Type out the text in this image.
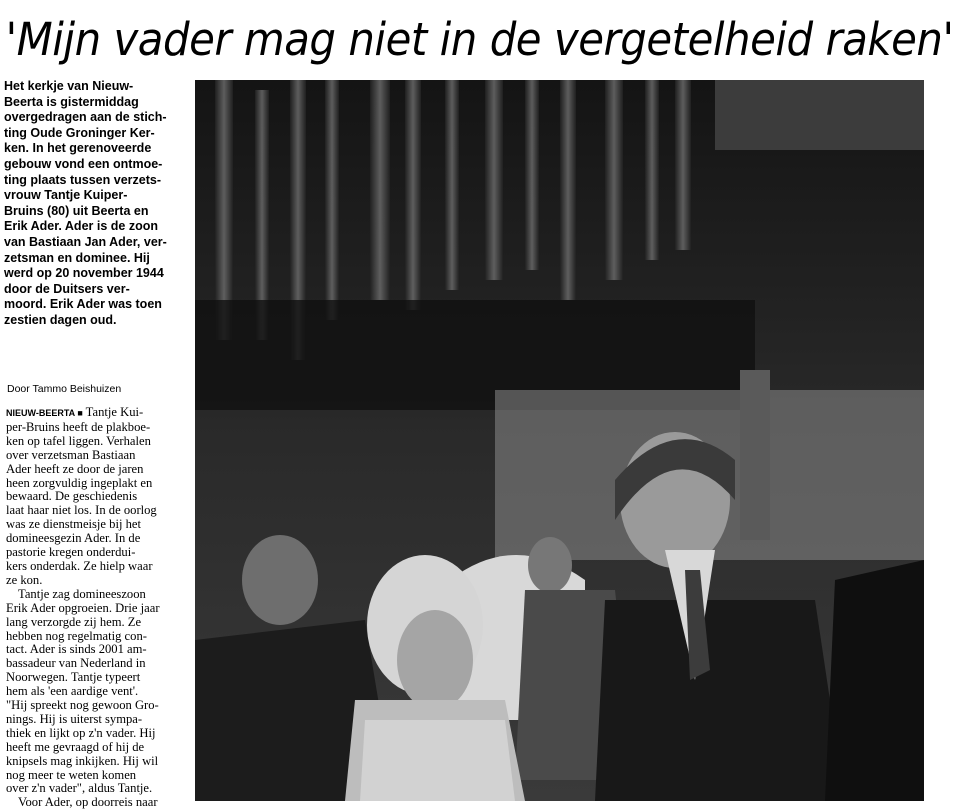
'Mijn vader mag niet in de vergetelheid raken'
Het kerkje van Nieuw-
Beerta is gistermiddag
overgedragen aan de stich-
ting Oude Groninger Ker-
ken. In het gerenoveerde
gebouw vond een ontmoe-
ting plaats tussen verzets-
vrouw Tantje Kuiper-
Bruins (80) uit Beerta en
Erik Ader. Ader is de zoon
van Bastiaan Jan Ader, ver-
zetsman en dominee. Hij
werd op 20 november 1944
door de Duitsers ver-
moord. Erik Ader was toen
zestien dagen oud.
Door Tammo Beishuizen

NIEUW-BEERTA ■ Tantje Kui-
per-Bruins heeft de plakboe-
ken op tafel liggen. Verhalen
over verzetsman Bastiaan
Ader heeft ze door de jaren
heen zorgvuldig ingeplakt en
bewaard. De geschiedenis
laat haar niet los. In de oorlog
was ze dienstmeisje bij het
domineesgezin Ader. In de
pastorie kregen onderdui-
kers onderdak. Ze hielp waar
ze kon.

Tantje zag domineeszoon
Erik Ader opgroeien. Drie jaar
lang verzorgde zij hem. Ze
hebben nog regelmatig con-
tact. Ader is sinds 2001 am-
bassadeur van Nederland in
Noorwegen. Tantje typeert
hem als 'een aardige vent'.
"Hij spreekt nog gewoon Gro-
nings. Hij is uiterst sympa-
thiek en lijkt op z'n vader. Hij
heeft me gevraagd of hij de
knipsels mag inkijken. Hij wil
nog meer te weten komen
over z'n vader", aldus Tantje.

Voor Ader, op doorreis naar
